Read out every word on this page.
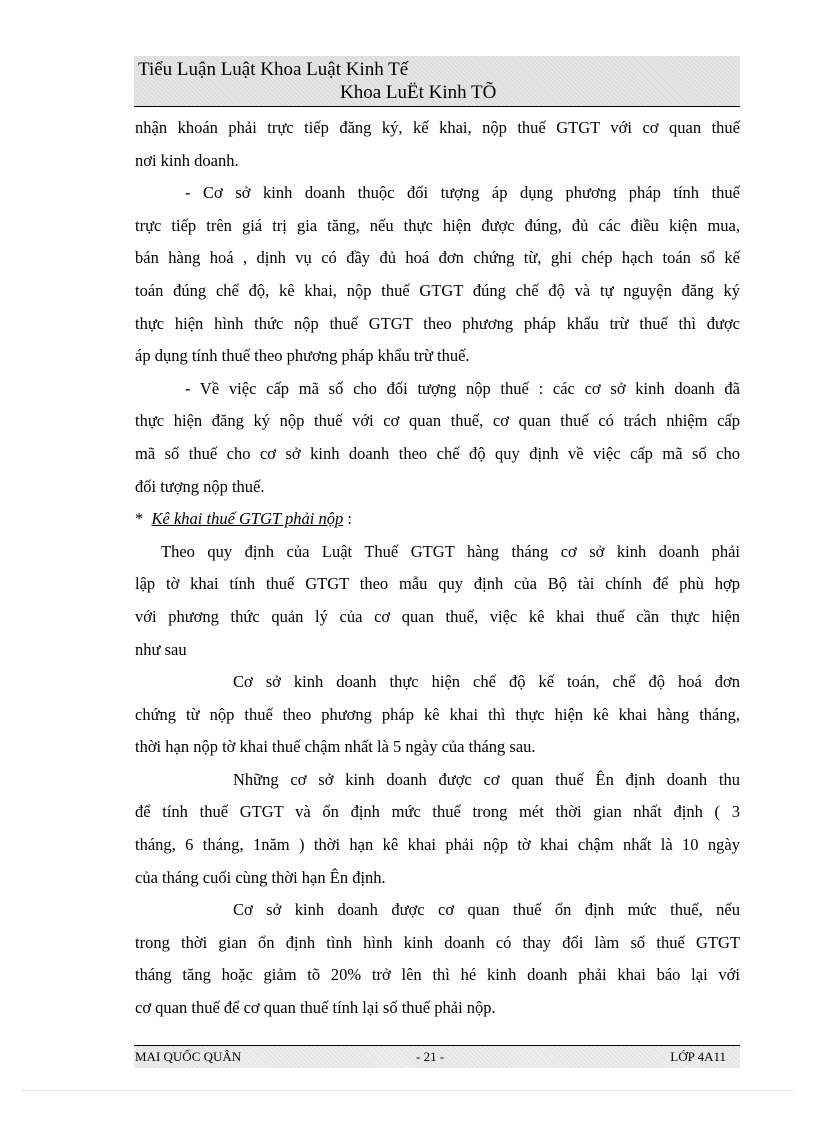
Tiểu Luận Luật Khoa Luật Kinh Tế
Khoa LuËt Kinh TÕ

nhận khoán phải trực tiếp đăng ký, kế khai, nộp thuế GTGT với cơ quan thuế
nơi kinh doanh.

- Cơ sở kinh doanh thuộc đối tượng áp dụng phương pháp tính thuế
trực tiếp trên giá trị gia tăng, nếu thực hiện được đúng, đủ các điều kiện mua,
bán hàng hoá , dịnh vụ có đầy đủ hoá đơn chứng từ, ghi chép hạch toán sổ kế
toán đúng chế độ, kê khai, nộp thuế GTGT đúng chế độ và tự nguyện đăng ký
thực hiện hình thức nộp thuế GTGT theo phương pháp khẩu trừ thuế thì được
áp dụng tính thuế theo phương pháp khẩu trừ thuế.

- Về việc cấp mã số cho đối tượng nộp thuế : các cơ sở kinh doanh đã
thực hiện đăng ký nộp thuế với cơ quan thuế, cơ quan thuế có trách nhiệm cấp
mã số thuế cho cơ sở kinh doanh theo chế độ quy định về việc cấp mã số cho
đối tượng nộp thuế.

* Kê khai thuế GTGT phải nộp :

Theo quy định của Luật Thuế GTGT hàng tháng cơ sở kinh doanh phải
lập tờ khai tính thuế GTGT theo mẫu quy định của Bộ tài chính để phù hợp
với phương thức quản lý của cơ quan thuế, việc kê khai thuế cần thực hiện
như sau

Cơ sở kinh doanh thực hiện chế độ kế toán, chế độ hoá đơn
chứng từ nộp thuế theo phương pháp kê khai thì thực hiện kê khai hàng tháng,
thời hạn nộp tờ khai thuế chậm nhất là 5 ngày của tháng sau.

Những cơ sở kinh doanh được cơ quan thuế Ên định doanh thu
để tính thuế GTGT và ổn định mức thuế trong mét thời gian nhất định ( 3
tháng, 6 tháng, 1năm ) thời hạn kê khai phải nộp tờ khai chậm nhất là 10 ngày
của tháng cuối cùng thời hạn Ên định.

Cơ sở kinh doanh được cơ quan thuế ổn định mức thuế, nếu
trong thời gian ổn định tình hình kinh doanh có thay đổi làm số thuế GTGT
tháng tăng hoặc giảm tõ 20% trở lên thì hé kinh doanh phải khai báo lại với
cơ quan thuế để cơ quan thuế tính lại số thuế phải nộp.

MAI QUỐC QUÂN	- 21 -	LỚP 4A11
